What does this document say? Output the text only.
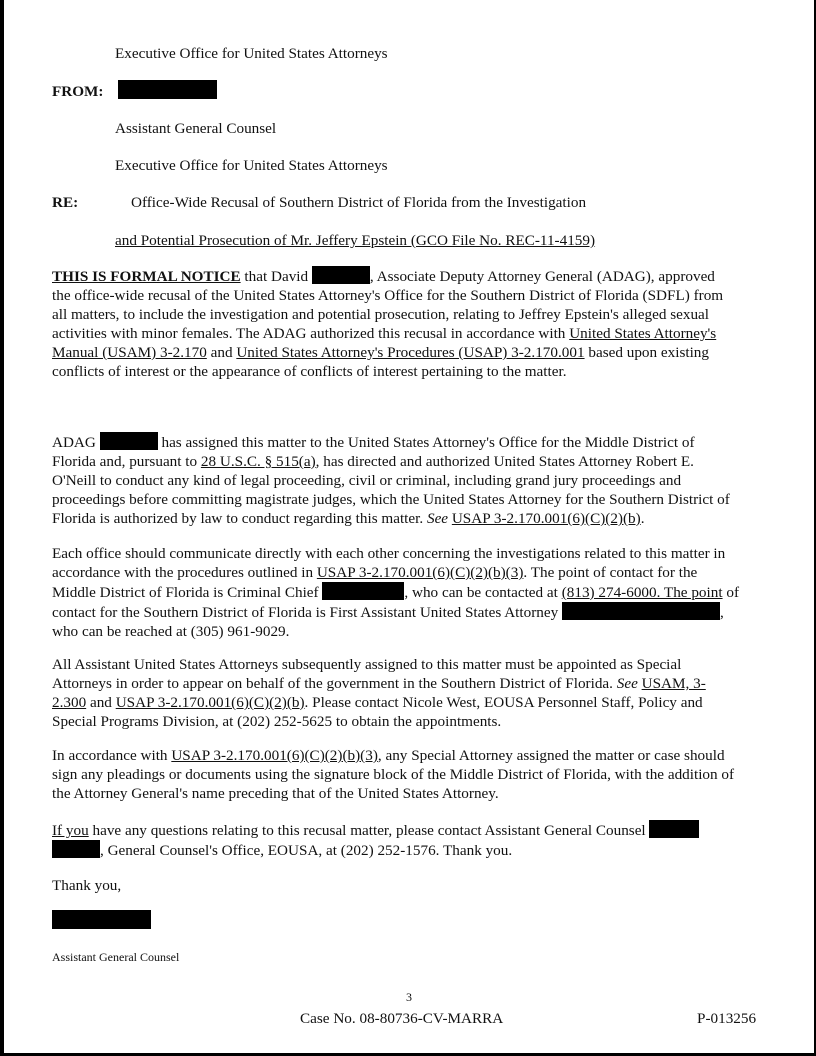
Executive Office for United States Attorneys
FROM:
Assistant General Counsel
Executive Office for United States Attorneys
RE:	Office-Wide Recusal of Southern District of Florida from the Investigation
and Potential Prosecution of Mr. Jeffery Epstein (GCO File No. REC-11-4159)
THIS IS FORMAL NOTICE that David	, Associate Deputy Attorney General (ADAG), approved
the office-wide recusal of the United States Attorney's Office for the Southern District of Florida (SDFL) from
all matters, to include the investigation and potential prosecution, relating to Jeffrey Epstein's alleged sexual
activities with minor females. The ADAG authorized this recusal in accordance with United States Attorney's
Manual (USAM) 3-2.170 and United States Attorney's Procedures (USAP) 3-2.170.001 based upon existing
conflicts of interest or the appearance of conflicts of interest pertaining to the matter.
ADAG	has assigned this matter to the United States Attorney's Office for the Middle District of
Florida and, pursuant to 28 U.S.C. § 515(a), has directed and authorized United States Attorney Robert E.
O'Neill to conduct any kind of legal proceeding, civil or criminal, including grand jury proceedings and
proceedings before committing magistrate judges, which the United States Attorney for the Southern District of
Florida is authorized by law to conduct regarding this matter. See USAP 3-2.170.001(6)(C)(2)(b).
Each office should communicate directly with each other concerning the investigations related to this matter in
accordance with the procedures outlined in USAP 3-2.170.001(6)(C)(2)(b)(3). The point of contact for the
Middle District of Florida is Criminal Chief	, who can be contacted at (813) 274-6000. The point of
contact for the Southern District of Florida is First Assistant United States Attorney	,
who can be reached at (305) 961-9029.
All Assistant United States Attorneys subsequently assigned to this matter must be appointed as Special
Attorneys in order to appear on behalf of the government in the Southern District of Florida. See USAM, 3-
2.300 and USAP 3-2.170.001(6)(C)(2)(b). Please contact Nicole West, EOUSA Personnel Staff, Policy and
Special Programs Division, at (202) 252-5625 to obtain the appointments.
In accordance with USAP 3-2.170.001(6)(C)(2)(b)(3), any Special Attorney assigned the matter or case should
sign any pleadings or documents using the signature block of the Middle District of Florida, with the addition of
the Attorney General's name preceding that of the United States Attorney.
If you have any questions relating to this recusal matter, please contact Assistant General Counsel
, General Counsel's Office, EOUSA, at (202) 252-1576. Thank you.
Thank you,
Assistant General Counsel
3
Case No. 08-80736-CV-MARRA	P-013256
